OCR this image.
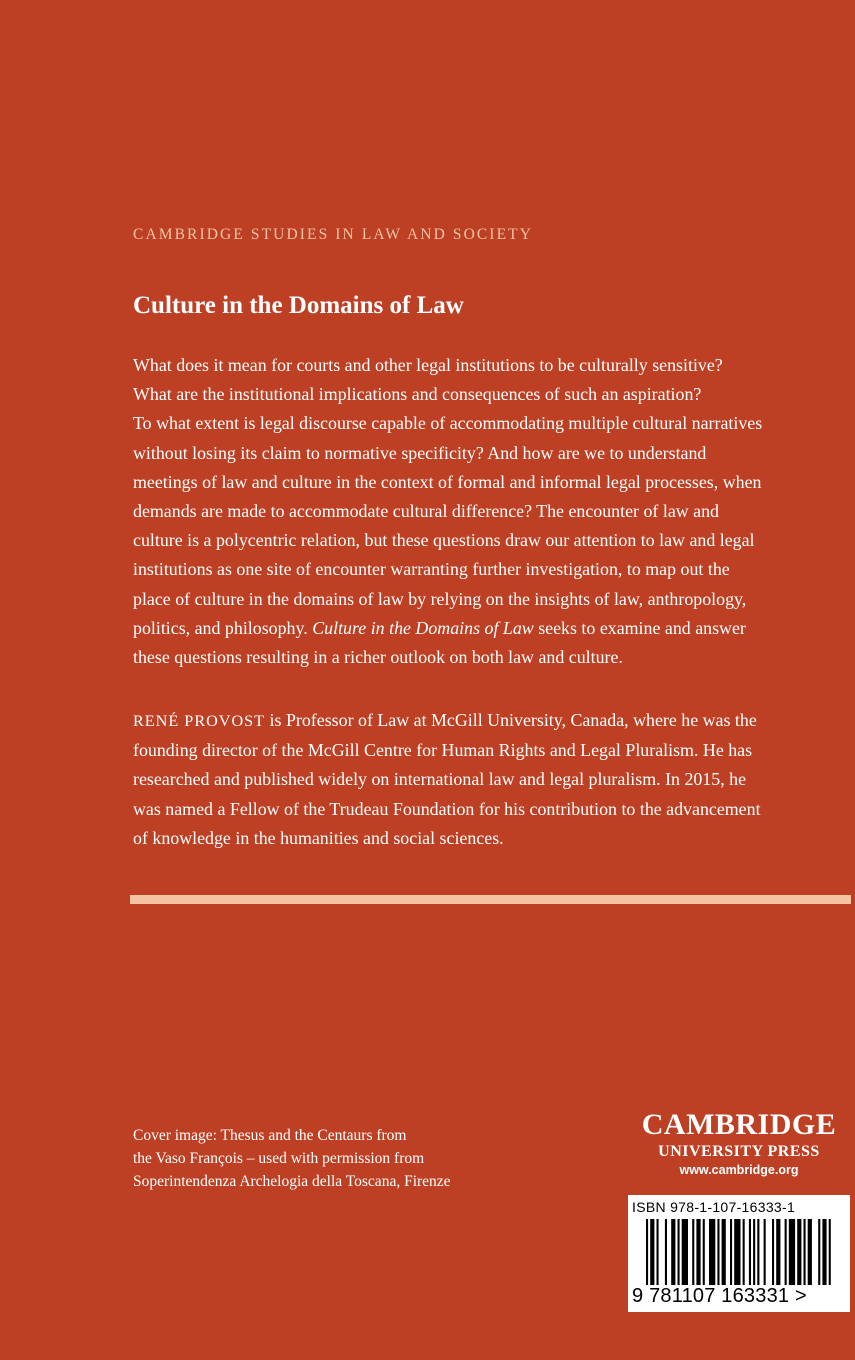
CAMBRIDGE STUDIES IN LAW AND SOCIETY
Culture in the Domains of Law
What does it mean for courts and other legal institutions to be culturally sensitive?
What are the institutional implications and consequences of such an aspiration?
To what extent is legal discourse capable of accommodating multiple cultural narratives
without losing its claim to normative specificity? And how are we to understand
meetings of law and culture in the context of formal and informal legal processes, when
demands are made to accommodate cultural difference? The encounter of law and
culture is a polycentric relation, but these questions draw our attention to law and legal
institutions as one site of encounter warranting further investigation, to map out the
place of culture in the domains of law by relying on the insights of law, anthropology,
politics, and philosophy. Culture in the Domains of Law seeks to examine and answer
these questions resulting in a richer outlook on both law and culture.
RENÉ PROVOST is Professor of Law at McGill University, Canada, where he was the
founding director of the McGill Centre for Human Rights and Legal Pluralism. He has
researched and published widely on international law and legal pluralism. In 2015, he
was named a Fellow of the Trudeau Foundation for his contribution to the advancement
of knowledge in the humanities and social sciences.
Cover image: Thesus and the Centaurs from
the Vaso François – used with permission from
Soperintendenza Archelogia della Toscana, Firenze
CAMBRIDGE
UNIVERSITY PRESS
www.cambridge.org
ISBN 978-1-107-16333-1
9 781107 163331 >
